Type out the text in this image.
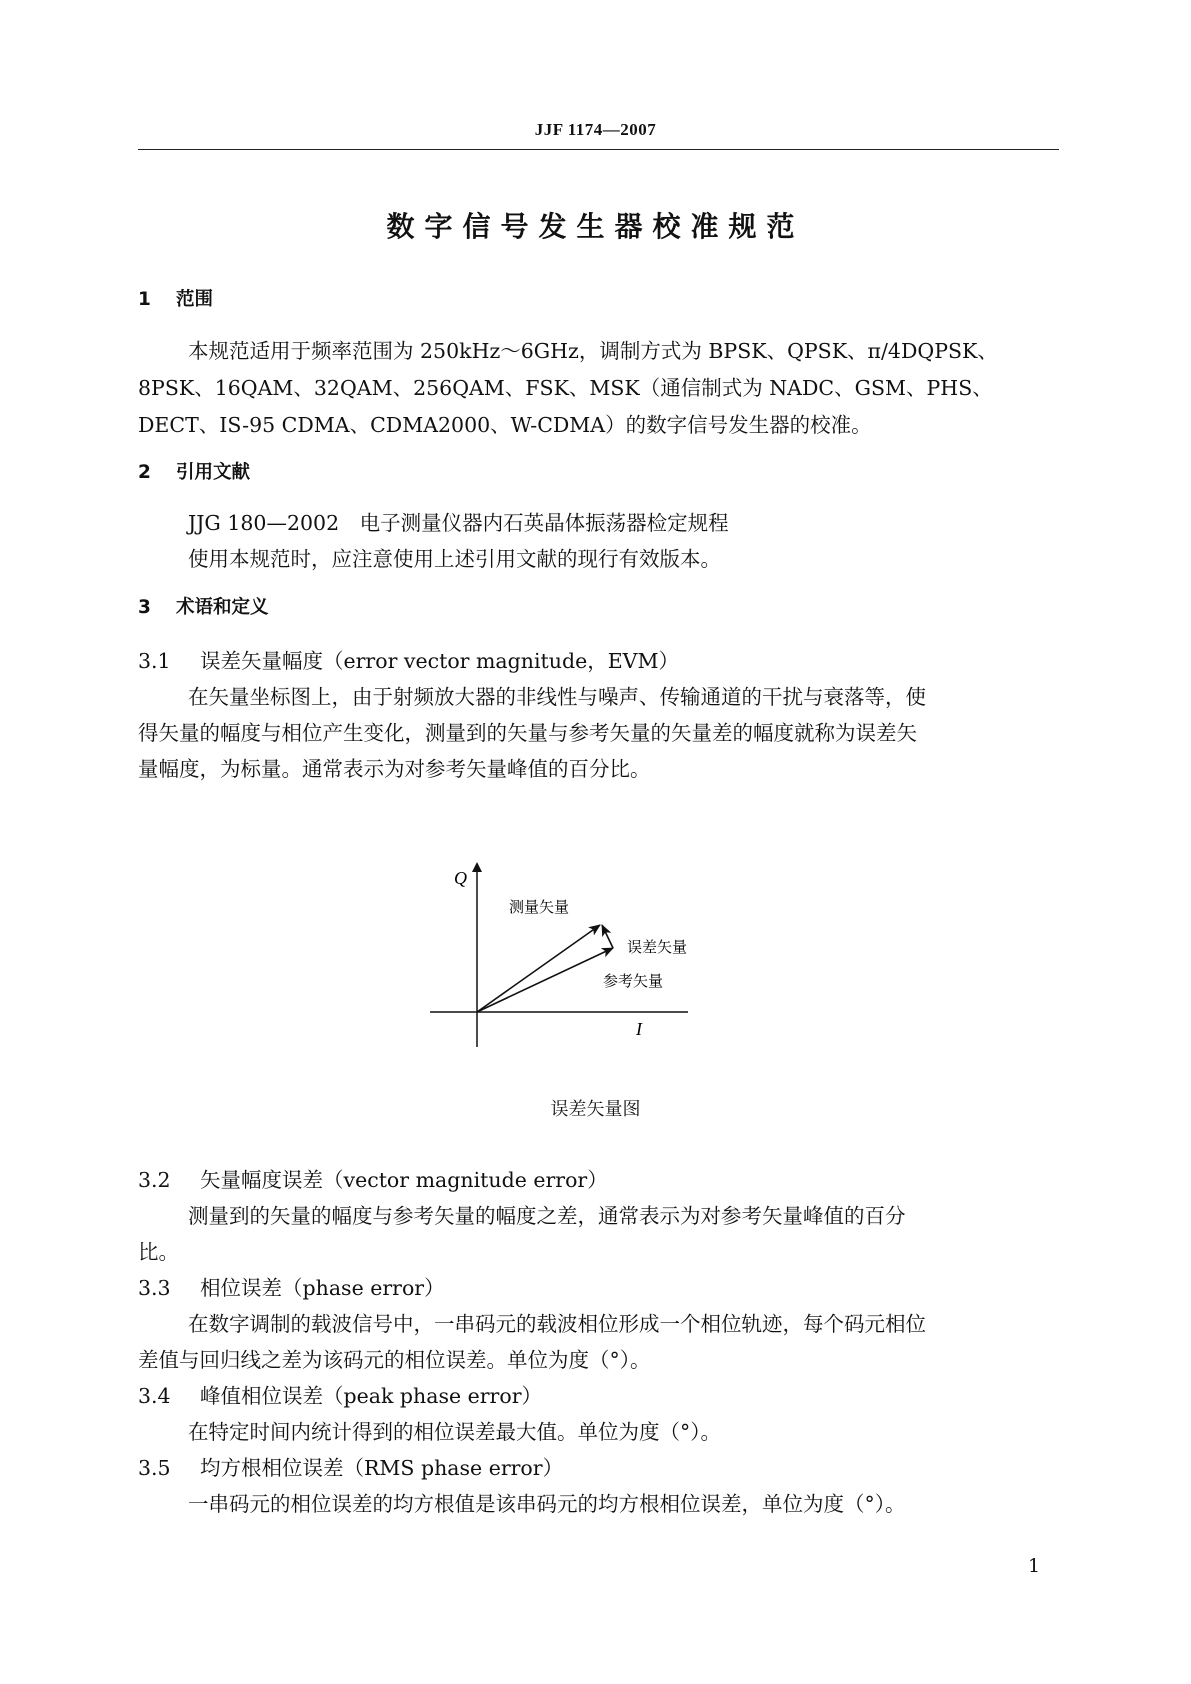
JJF 1174—2007
数字信号发生器校准规范
1 范围
本规范适用于频率范围为 250kHz～6GHz，调制方式为 BPSK、QPSK、π/4DQPSK、
8PSK、16QAM、32QAM、256QAM、FSK、MSK（通信制式为 NADC、GSM、PHS、
DECT、IS-95 CDMA、CDMA2000、W-CDMA）的数字信号发生器的校准。
2 引用文献
JJG 180—2002　电子测量仪器内石英晶体振荡器检定规程
使用本规范时，应注意使用上述引用文献的现行有效版本。
3 术语和定义
3.1 误差矢量幅度（error vector magnitude，EVM）
在矢量坐标图上，由于射频放大器的非线性与噪声、传输通道的干扰与衰落等，使
得矢量的幅度与相位产生变化，测量到的矢量与参考矢量的矢量差的幅度就称为误差矢
量幅度，为标量。通常表示为对参考矢量峰值的百分比。
Q
I
测量矢量
误差矢量
参考矢量
误差矢量图
3.2 矢量幅度误差（vector magnitude error）
测量到的矢量的幅度与参考矢量的幅度之差，通常表示为对参考矢量峰值的百分
比。
3.3 相位误差（phase error）
在数字调制的载波信号中，一串码元的载波相位形成一个相位轨迹，每个码元相位
差值与回归线之差为该码元的相位误差。单位为度（°）。
3.4 峰值相位误差（peak phase error）
在特定时间内统计得到的相位误差最大值。单位为度（°）。
3.5 均方根相位误差（RMS phase error）
一串码元的相位误差的均方根值是该串码元的均方根相位误差，单位为度（°）。
1
